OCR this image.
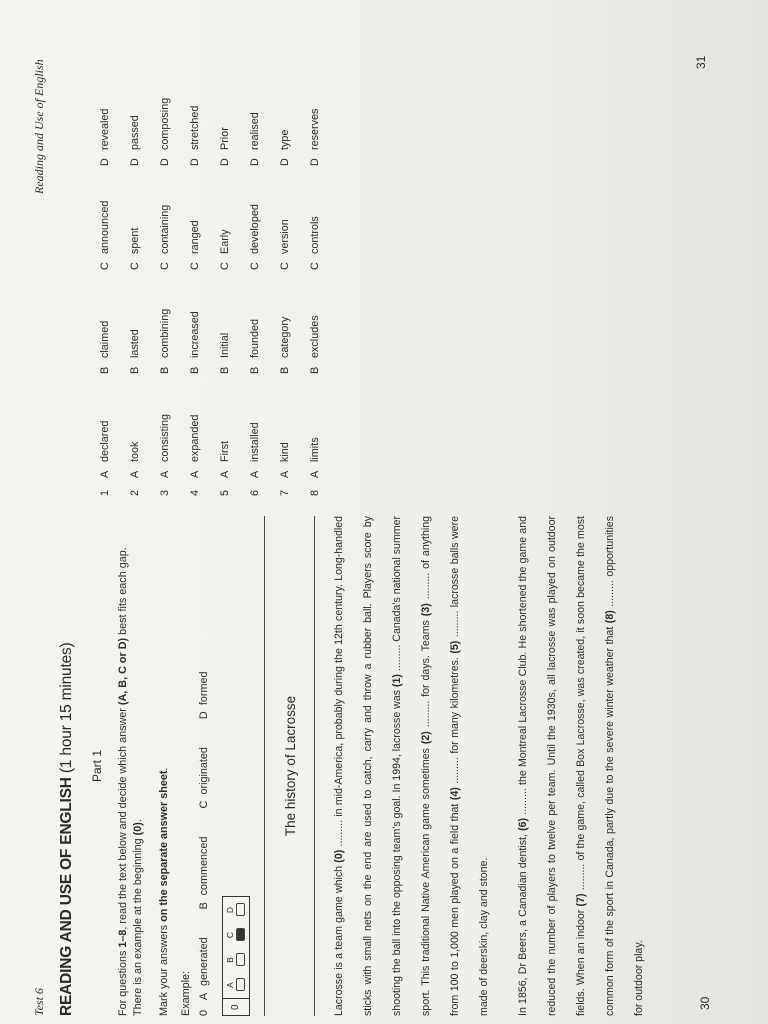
Test 6	30
Reading and Use of English	31
READING AND USE OF ENGLISH (1 hour 15 minutes) Part 1

For questions 1–8, read the text below and decide which answer (A, B, C or D) best fits each gap.
There is an example at the beginning (0).

Mark your answers on the separate answer sheet.

Example: 0
Agenerated
Bcommenced
Coriginated
Dformed
0
A
B
C
D
The history of Lacrosse

Lacrosse is a team game which (0) ......... in mid-America, probably during the 12th century. Long-handled sticks with small nets on the end are used to catch, carry and throw a rubber ball. Players score by shooting the ball into the opposing team's goal. In 1994, lacrosse was (1) ......... Canada's national summer sport. This traditional Native American game sometimes (2) ......... for days. Teams (3) ......... of anything from 100 to 1,000 men played on a field that (4) ......... for many kilometres. (5) ......... lacrosse balls were made of deerskin, clay and stone.	In 1856, Dr Beers, a Canadian dentist, (6) ......... the Montreal Lacrosse Club. He shortened the game and reduced the number of players to twelve per team. Until the 1930s, all lacrosse was played on outdoor fields. When an indoor (7) ......... of the game, called Box Lacrosse, was created, it soon became the most common form of the sport in Canada, partly due to the severe winter weather that (8) ......... opportunities for outdoor play.

1	A	declared	B	claimed	C	announced	D	revealed
2	A	took	B	lasted	C	spent	D	passed
3	A	consisting	B	combining	C	containing	D	composing
4	A	expanded	B	increased	C	ranged	D	stretched
5	A	First	B	Initial	C	Early	D	Prior
6	A	installed	B	founded	C	developed	D	realised
7	A	kind	B	category	C	version	D	type
8	A	limits	B	excludes	C	controls	D	reserves
